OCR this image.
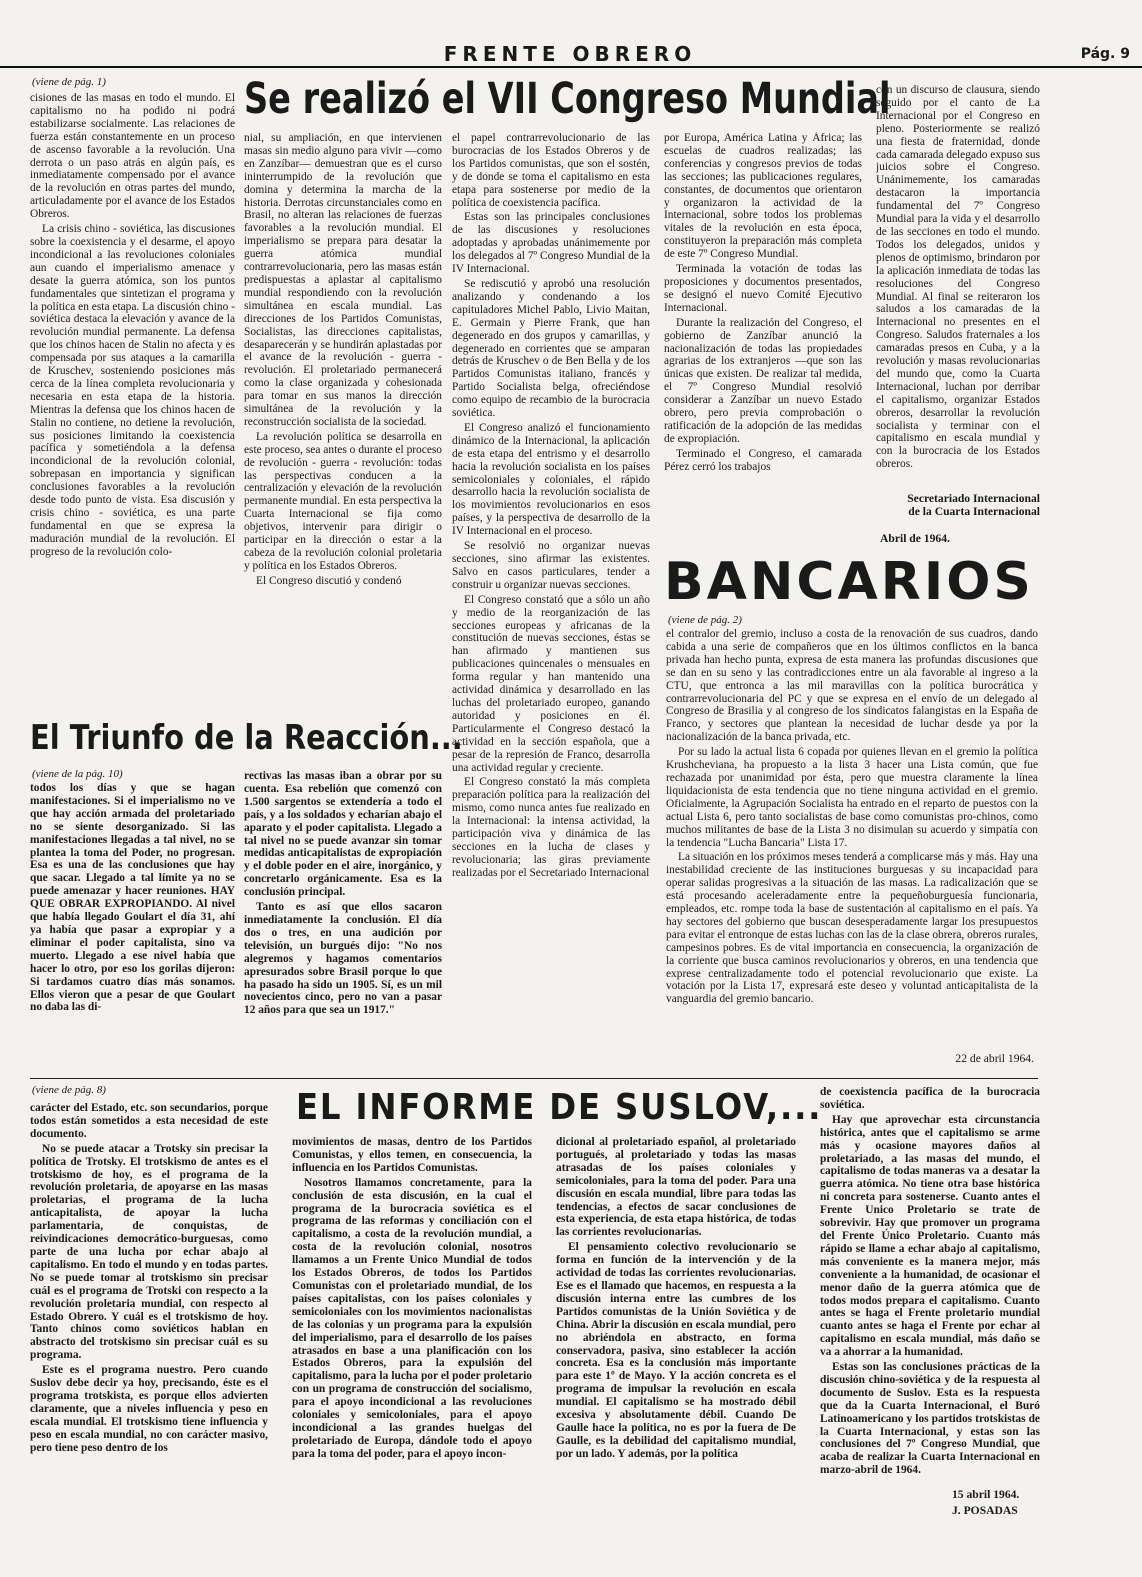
FRENTE OBRERO	Pág. 9
(viene de pág. 1)	Se realizó el VII Congreso Mundial

cisiones de las masas en todo el mundo. El capitalismo no ha podido ni podrá estabilizarse socialmente. Las relaciones de fuerza están constantemente en un proceso de ascenso favorable a la revolución. Una derrota o un paso atrás en algún país, es inmediatamente compensado por el avance de la revolución en otras partes del mundo, articuladamente por el avance de los Estados Obreros.

La crisis chino - soviética, las discusiones sobre la coexistencia y el desarme, el apoyo incondicional a las revoluciones coloniales aun cuando el imperialismo amenace y desate la guerra atómica, son los puntos fundamentales que sintetizan el programa y la política en esta etapa. La discusión chino - soviética destaca la elevación y avance de la revolución mundial permanente. La defensa que los chinos hacen de Stalin no afecta y es compensada por sus ataques a la camarilla de Kruschev, sosteniendo posiciones más cerca de la línea completa revolucionaria y necesaria en esta etapa de la historia. Mientras la defensa que los chinos hacen de Stalin no contiene, no detiene la revolución, sus posiciones limitando la coexistencia pacífica y sometiéndola a la defensa incondicional de la revolución colonial, sobrepasan en importancia y significan conclusiones favorables a la revolución desde todo punto de vista. Esa discusión y crisis chino - soviética, es una parte fundamental en que se expresa la maduración mundial de la revolución. El progreso de la revolución colo-

nial, su ampliación, en que intervienen masas sin medio alguno para vivir —como en Zanzíbar— demuestran que es el curso ininterrumpido de la revolución que domina y determina la marcha de la historia. Derrotas circunstanciales como en Brasil, no alteran las relaciones de fuerzas favorables a la revolución mundial. El imperialismo se prepara para desatar la guerra atómica mundial contrarrevolucionaria, pero las masas están predispuestas a aplastar al capitalismo mundial respondiendo con la revolución simultánea en escala mundial. Las direcciones de los Partidos Comunistas, Socialistas, las direcciones capitalistas, desaparecerán y se hundirán aplastadas por el avance de la revolución - guerra - revolución. El proletariado permanecerá como la clase organizada y cohesionada para tomar en sus manos la dirección simultánea de la revolución y la reconstrucción socialista de la sociedad.

La revolución política se desarrolla en este proceso, sea antes o durante el proceso de revolución - guerra - revolución: todas las perspectivas conducen a la centralización y elevación de la revolución permanente mundial. En esta perspectiva la Cuarta Internacional se fija como objetivos, intervenir para dirigir o participar en la dirección o estar a la cabeza de la revolución colonial proletaria y política en los Estados Obreros.

El Congreso discutió y condenó

el papel contrarrevolucionario de las burocracias de los Estados Obreros y de los Partidos comunistas, que son el sostén, y de donde se toma el capitalismo en esta etapa para sostenerse por medio de la política de coexistencia pacífica.

Estas son las principales conclusiones de las discusiones y resoluciones adoptadas y aprobadas unánimemente por los delegados al 7º Congreso Mundial de la IV Internacional.

Se rediscutió y aprobó una resolución analizando y condenando a los capituladores Michel Pablo, Livio Maitan, E. Germain y Pierre Frank, que han degenerado en dos grupos y camarillas, y degenerado en corrientes que se amparan detrás de Kruschev o de Ben Bella y de los Partidos Comunistas italiano, francés y Partido Socialista belga, ofreciéndose como equipo de recambio de la burocracia soviética.

El Congreso analizó el funcionamiento dinámico de la Internacional, la aplicación de esta etapa del entrismo y el desarrollo hacia la revolución socialista en los países semicoloniales y coloniales, el rápido desarrollo hacia la revolución socialista de los movimientos revolucionarios en esos países, y la perspectiva de desarrollo de la IV Internacional en el proceso.

Se resolvió no organizar nuevas secciones, sino afirmar las existentes. Salvo en casos particulares, tender a construir u organizar nuevas secciones.

El Congreso constató que a sólo un año y medio de la reorganización de las secciones europeas y africanas de la constitución de nuevas secciones, éstas se han afirmado y mantienen sus publicaciones quincenales o mensuales en forma regular y han mantenido una actividad dinámica y desarrollado en las luchas del proletariado europeo, ganando autoridad y posiciones en él. Particularmente el Congreso destacó la actividad en la sección española, que a pesar de la represión de Franco, desarrolla una actividad regular y creciente.

El Congreso constató la más completa preparación política para la realización del mismo, como nunca antes fue realizado en la Internacional: la intensa actividad, la participación viva y dinámica de las secciones en la lucha de clases y revolucionaria; las giras previamente realizadas por el Secretariado Internacional

por Europa, América Latina y África; las escuelas de cuadros realizadas; las conferencias y congresos previos de todas las secciones; las publicaciones regulares, constantes, de documentos que orientaron y organizaron la actividad de la Internacional, sobre todos los problemas vitales de la revolución en esta época, constituyeron la preparación más completa de este 7º Congreso Mundial.

Terminada la votación de todas las proposiciones y documentos presentados, se designó el nuevo Comité Ejecutivo Internacional.

Durante la realización del Congreso, el gobierno de Zanzíbar anunció la nacionalización de todas las propiedades agrarias de los extranjeros —que son las únicas que existen. De realizar tal medida, el 7º Congreso Mundial resolvió considerar a Zanzíbar un nuevo Estado obrero, pero previa comprobación o ratificación de la adopción de las medidas de expropiación.

Terminado el Congreso, el camarada Pérez cerró los trabajos

con un discurso de clausura, siendo seguido por el canto de La Internacional por el Congreso en pleno. Posteriormente se realizó una fiesta de fraternidad, donde cada camarada delegado expuso sus juicios sobre el Congreso. Unánimemente, los camaradas destacaron la importancia fundamental del 7º Congreso Mundial para la vida y el desarrollo de las secciones en todo el mundo. Todos los delegados, unidos y plenos de optimismo, brindaron por la aplicación inmediata de todas las resoluciones del Congreso Mundial. Al final se reiteraron los saludos a los camaradas de la Internacional no presentes en el Congreso. Saludos fraternales a los camaradas presos en Cuba, y a la revolución y masas revolucionarias del mundo que, como la Cuarta Internacional, luchan por derribar el capitalismo, organizar Estados obreros, desarrollar la revolución socialista y terminar con el capitalismo en escala mundial y con la burocracia de los Estados obreros.

Secretariado Internacional
de la Cuarta Internacional
Abril de 1964.
BANCARIOS
(viene de pág. 2)

el contralor del gremio, incluso a costa de la renovación de sus cuadros, dando cabida a una serie de compañeros que en los últimos conflictos en la banca privada han hecho punta, expresa de esta manera las profundas discusiones que se dan en su seno y las contradicciones entre un ala favorable al ingreso a la CTU, que entronca a las mil maravillas con la política burocrática y contrarrevolucionaria del PC y que se expresa en el envío de un delegado al Congreso de Brasilia y al congreso de los sindicatos falangistas en la España de Franco, y sectores que plantean la necesidad de luchar desde ya por la nacionalización de la banca privada, etc.

Por su lado la actual lista 6 copada por quienes llevan en el gremio la política Krushcheviana, ha propuesto a la lista 3 hacer una Lista común, que fue rechazada por unanimidad por ésta, pero que muestra claramente la línea liquidacionista de esta tendencia que no tiene ninguna actividad en el gremio. Oficialmente, la Agrupación Socialista ha entrado en el reparto de puestos con la actual Lista 6, pero tanto socialistas de base como comunistas pro-chinos, como muchos militantes de base de la Lista 3 no disimulan su acuerdo y simpatía con la tendencia "Lucha Bancaria" Lista 17.

La situación en los próximos meses tenderá a complicarse más y más. Hay una inestabilidad creciente de las instituciones burguesas y su incapacidad para operar salidas progresivas a la situación de las masas. La radicalización que se está procesando aceleradamente entre la pequeñoburguesía funcionaria, empleados, etc. rompe toda la base de sustentación al capitalismo en el país. Ya hay sectores del gobierno que buscan desesperadamente largar los presupuestos para evitar el entronque de estas luchas con las de la clase obrera, obreros rurales, campesinos pobres. Es de vital importancia en consecuencia, la organización de la corriente que busca caminos revolucionarios y obreros, en una tendencia que exprese centralizadamente todo el potencial revolucionario que existe. La votación por la Lista 17, expresará este deseo y voluntad anticapitalista de la vanguardia del gremio bancario.

22 de abril 1964.
El Triunfo de la Reacción...
(viene de la pág. 10)

todos los días y que se hagan manifestaciones. Si el imperialismo no ve que hay acción armada del proletariado no se siente desorganizado. Si las manifestaciones llegadas a tal nivel, no se plantea la toma del Poder, no progresan. Esa es una de las conclusiones que hay que sacar. Llegado a tal límite ya no se puede amenazar y hacer reuniones. HAY QUE OBRAR EXPROPIANDO. Al nivel que había llegado Goulart el día 31, ahí ya había que pasar a expropiar y a eliminar el poder capitalista, sino va muerto. Llegado a ese nivel había que hacer lo otro, por eso los gorilas dijeron: Si tardamos cuatro días más sonamos. Ellos vieron que a pesar de que Goulart no daba las di-

rectivas las masas iban a obrar por su cuenta. Esa rebelión que comenzó con 1.500 sargentos se extendería a todo el país, y a los soldados y echarían abajo el aparato y el poder capitalista. Llegado a tal nivel no se puede avanzar sin tomar medidas anticapitalistas de expropiación y el doble poder en el aire, inorgánico, y concretarlo orgánicamente. Esa es la conclusión principal.

Tanto es así que ellos sacaron inmediatamente la conclusión. El día dos o tres, en una audición por televisión, un burgués dijo: "No nos alegremos y hagamos comentarios apresurados sobre Brasil porque lo que ha pasado ha sido un 1905. Sí, es un mil novecientos cinco, pero no van a pasar 12 años para que sea un 1917."

(viene de pág. 8)	EL INFORME DE SUSLOV,...

carácter del Estado, etc. son secundarios, porque todos están sometidos a esta necesidad de este documento.

No se puede atacar a Trotsky sin precisar la política de Trotsky. El trotskismo de antes es el trotskismo de hoy, es el programa de la revolución proletaria, de apoyarse en las masas proletarias, el programa de la lucha anticapitalista, de apoyar la lucha parlamentaria, de conquistas, de reivindicaciones democrático-burguesas, como parte de una lucha por echar abajo al capitalismo. En todo el mundo y en todas partes. No se puede tomar al trotskismo sin precisar cuál es el programa de Trotski con respecto a la revolución proletaria mundial, con respecto al Estado Obrero. Y cuál es el trotskismo de hoy. Tanto chinos como soviéticos hablan en abstracto del trotskismo sin precisar cuál es su programa.

Este es el programa nuestro. Pero cuando Suslov debe decir ya hoy, precisando, éste es el programa trotskista, es porque ellos advierten claramente, que a niveles influencia y peso en escala mundial. El trotskismo tiene influencia y peso en escala mundial, no con carácter masivo, pero tiene peso dentro de los

movimientos de masas, dentro de los Partidos Comunistas, y ellos temen, en consecuencia, la influencia en los Partidos Comunistas.

Nosotros llamamos concretamente, para la conclusión de esta discusión, en la cual el programa de la burocracia soviética es el programa de las reformas y conciliación con el capitalismo, a costa de la revolución mundial, a costa de la revolución colonial, nosotros llamamos a un Frente Unico Mundial de todos los Estados Obreros, de todos los Partidos Comunistas con el proletariado mundial, de los países capitalistas, con los países coloniales y semicoloniales con los movimientos nacionalistas de las colonias y un programa para la expulsión del imperialismo, para el desarrollo de los países atrasados en base a una planificación con los Estados Obreros, para la expulsión del capitalismo, para la lucha por el poder proletario con un programa de construcción del socialismo, para el apoyo incondicional a las revoluciones coloniales y semicoloniales, para el apoyo incondicional a las grandes huelgas del proletariado de Europa, dándole todo el apoyo para la toma del poder, para el apoyo incon-

dicional al proletariado español, al proletariado portugués, al proletariado y todas las masas atrasadas de los países coloniales y semicoloniales, para la toma del poder. Para una discusión en escala mundial, libre para todas las tendencias, a efectos de sacar conclusiones de esta experiencia, de esta etapa histórica, de todas las corrientes revolucionarias.

El pensamiento colectivo revolucionario se forma en función de la intervención y de la actividad de todas las corrientes revolucionarias. Ese es el llamado que hacemos, en respuesta a la discusión interna entre las cumbres de los Partidos comunistas de la Unión Soviética y de China. Abrir la discusión en escala mundial, pero no abriéndola en abstracto, en forma conservadora, pasiva, sino establecer la acción concreta. Esa es la conclusión más importante para este 1º de Mayo. Y la acción concreta es el programa de impulsar la revolución en escala mundial. El capitalismo se ha mostrado débil excesiva y absolutamente débil. Cuando De Gaulle hace la política, no es por la fuera de De Gaulle, es la debilidad del capitalismo mundial, por un lado. Y además, por la política

de coexistencia pacífica de la burocracia soviética.

Hay que aprovechar esta circunstancia histórica, antes que el capitalismo se arme más y ocasione mayores daños al proletariado, a las masas del mundo, el capitalismo de todas maneras va a desatar la guerra atómica. No tiene otra base histórica ni concreta para sostenerse. Cuanto antes el Frente Unico Proletario se trate de sobrevivir. Hay que promover un programa del Frente Único Proletario. Cuanto más rápido se llame a echar abajo al capitalismo, más conveniente es la manera mejor, más conveniente a la humanidad, de ocasionar el menor daño de la guerra atómica que de todos modos prepara el capitalismo. Cuanto antes se haga el Frente proletario mundial cuanto antes se haga el Frente por echar al capitalismo en escala mundial, más daño se va a ahorrar a la humanidad.

Estas son las conclusiones prácticas de la discusión chino-soviética y de la respuesta al documento de Suslov. Esta es la respuesta que da la Cuarta Internacional, el Buró Latinoamericano y los partidos trotskistas de la Cuarta Internacional, y estas son las conclusiones del 7º Congreso Mundial, que acaba de realizar la Cuarta Internacional en marzo-abril de 1964.

15 abril 1964.
J. POSADAS
